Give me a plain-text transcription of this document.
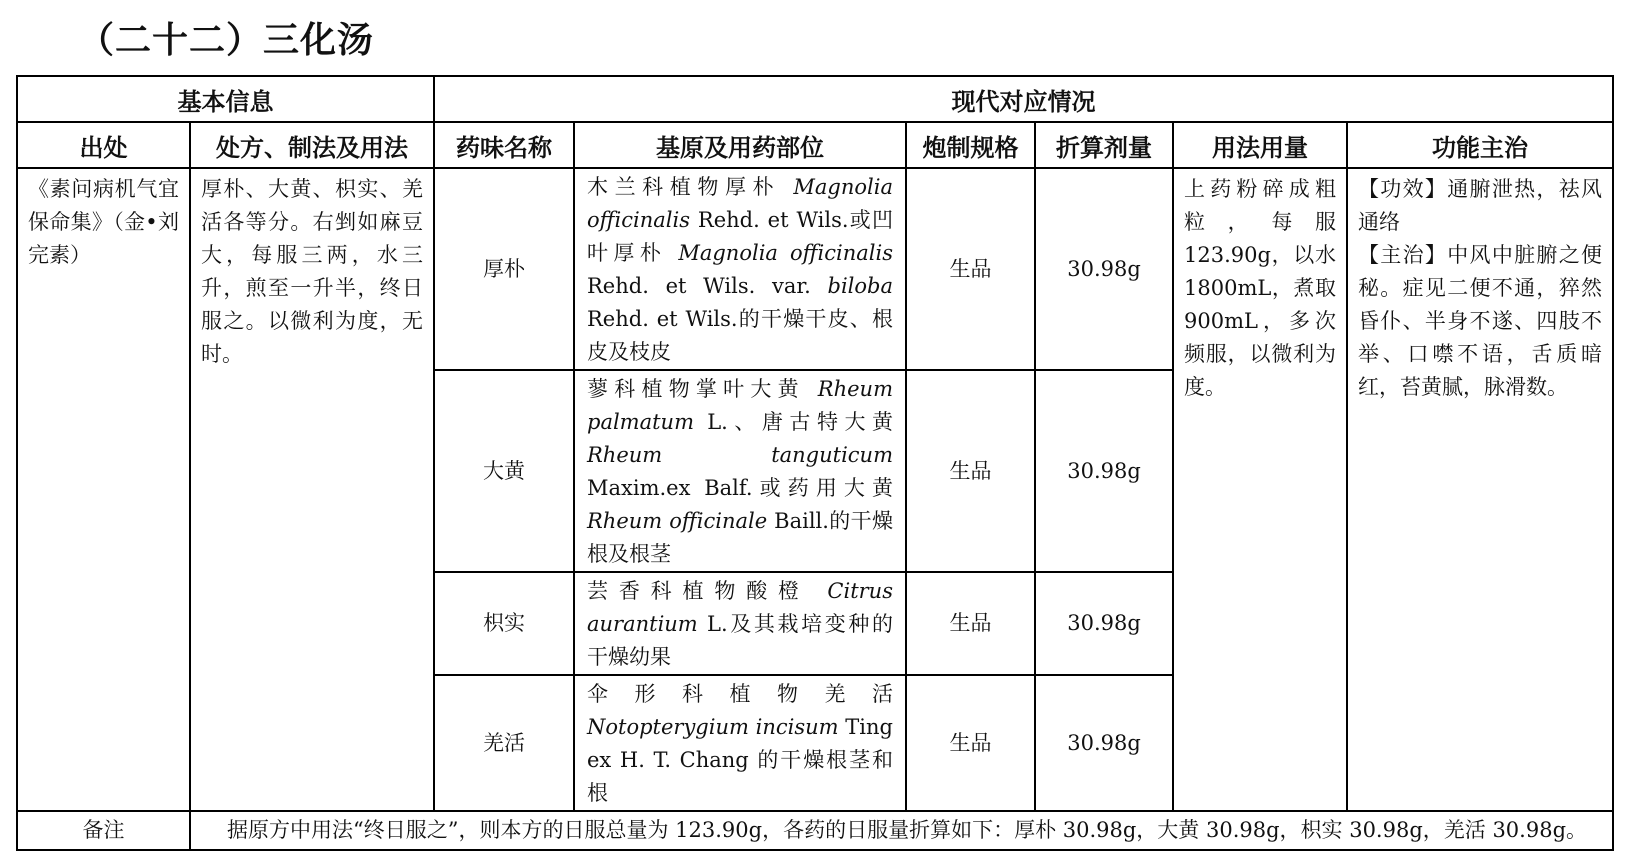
（二十二）三化汤
基本信息		现代对应情况					
出处	处方、制法及用法	药味名称	基原及用药部位	炮制规格	折算剂量	用法用量	功能主治
《素问病机气宜保命集》（金•刘完素）	厚朴、大黄、枳实、羌活各等分。右剉如麻豆大，每服三两，水三升，煎至一升半，终日服之。以微利为度，无时。	厚朴	木兰科植物厚朴 Magnolia officinalis Rehd. et Wils.或凹叶厚朴 Magnolia officinalis Rehd. et Wils. var. biloba Rehd. et Wils.的干燥干皮、根皮及枝皮	生品	30.98g	上药粉碎成粗粒，每服123.90g，以水1800mL，煮取900mL，多次频服，以微利为度。	【功效】通腑泄热，祛风通络
【主治】中风中脏腑之便秘。症见二便不通，猝然昏仆、半身不遂、四肢不举、口噤不语，舌质暗红，苔黄腻，脉滑数。
		大黄	蓼科植物掌叶大黄 Rheum palmatum L.、唐古特大黄 Rheum tanguticum Maxim.ex Balf.或药用大黄 Rheum officinale Baill.的干燥根及根茎	生品	30.98g		
		枳实	芸香科植物酸橙 Citrus aurantium L.及其栽培变种的干燥幼果	生品	30.98g		
		羌活	伞形科植物羌活 Notopterygium incisum Ting ex H. T. Chang 的干燥根茎和根	生品	30.98g		
备注	据原方中用法“终日服之”，则本方的日服总量为 123.90g，各药的日服量折算如下：厚朴 30.98g，大黄 30.98g，枳实 30.98g，羌活 30.98g。						
